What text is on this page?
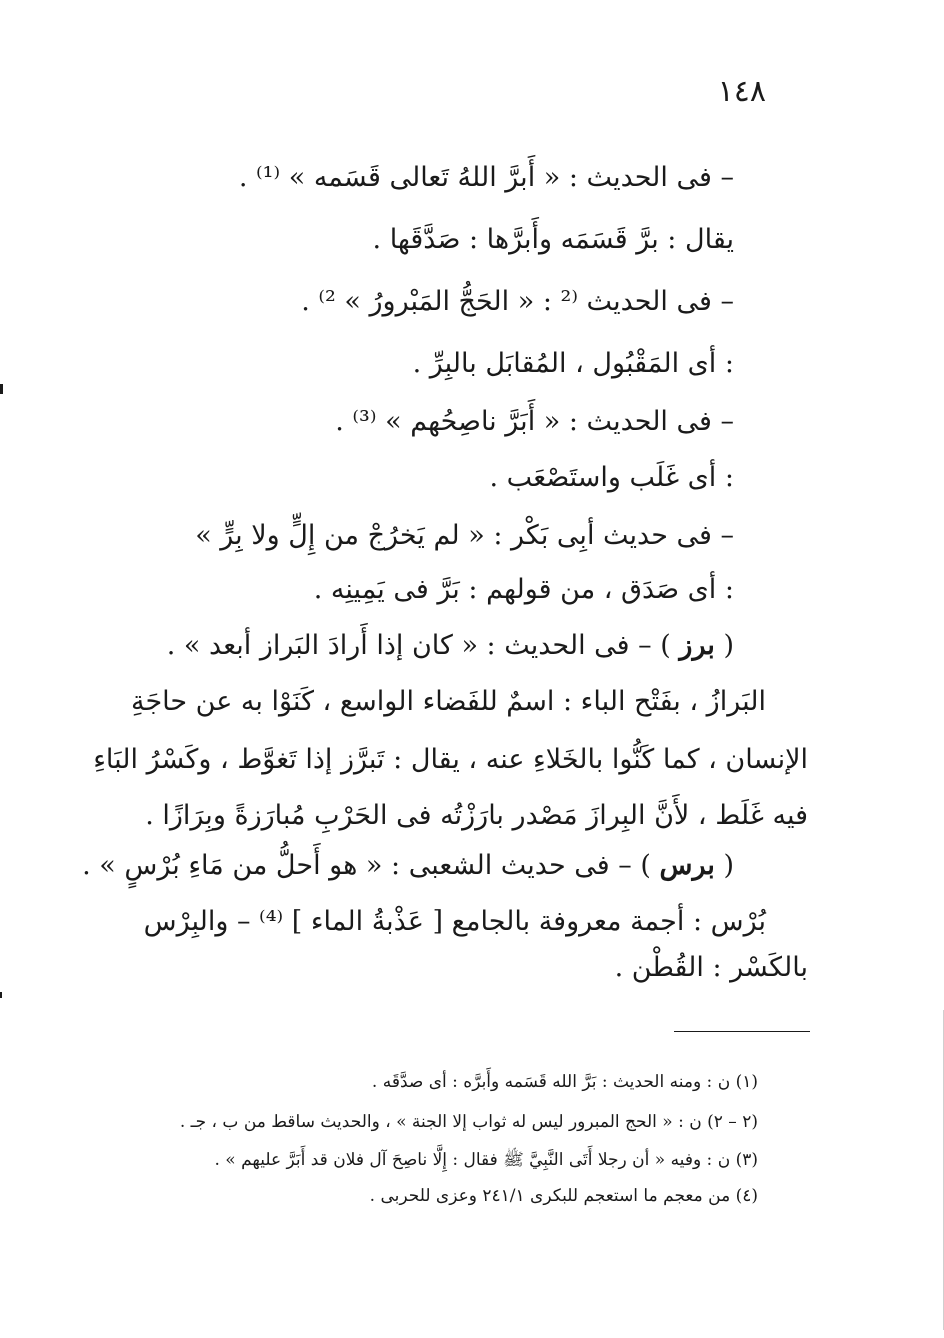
١٤٨
– فى الحديث : « أَبرَّ اللهُ تَعالى قَسَمه » ⁽¹⁾ .
يقال : برَّ قَسَمَه وأَبرَّها : صَدَّقَها .
– فى الحديث ⁽² : « الحَجُّ المَبْرورُ » ²⁾ .
: أى المَقْبُول ، المُقابَل بالبِرِّ .
– فى الحديث : « أَبَرَّ ناصِحُهم » ⁽³⁾ .
: أى غَلَب واستَصْعَب .
– فى حديث أبِى بَكْر : « لم يَخرُجْ من إِلٍّ ولا بِرٍّ »
: أى صَدَق ، من قولهم : بَرَّ فى يَمِينِه .
( برز ) – فى الحديث : « كان إذا أَرادَ البَراز أبعد » .
البَرازُ ، بفَتْح الباء : اسمٌ للفَضاء الواسع ، كَنَوْا به عن حاجَةِ
الإنسان ، كما كَنُّوا بالخَلاءِ عنه ، يقال : تَبرَّز إذا تَغوَّط ، وكَسْرُ البَاءِ
فيه غَلَط ، لأَنَّ البِرازَ مَصْدر بارَزْتُه فى الحَرْبِ مُبارَزةً وبِرَازًا .
( برس ) – فى حديث الشعبى : « هو أَحلُّ من مَاءِ بُرْسٍ » .
بُرْس : أجمة معروفة بالجامع [ عَذْبةُ الماء ] ⁽⁴⁾ – والبِرْس
بالكَسْر : القُطْن .
(١) ن : ومنه الحديث : بَرَّ الله قَسَمه وأَبرَّه : أى صدَّقَه .
(٢ – ٢) ن : « الحج المبرور ليس له ثواب إلا الجنة » ، والحديث ساقط من ب ، جـ .
(٣) ن : وفيه « أن رجلا أَتَى النَّبِيَّ ﷺ فقال : إِلَّا ناصِحَ آل فلان قد أَبَرَّ عليهم » .
(٤) من معجم ما استعجم للبكرى ٢٤١/١ وعزى للحربى .
